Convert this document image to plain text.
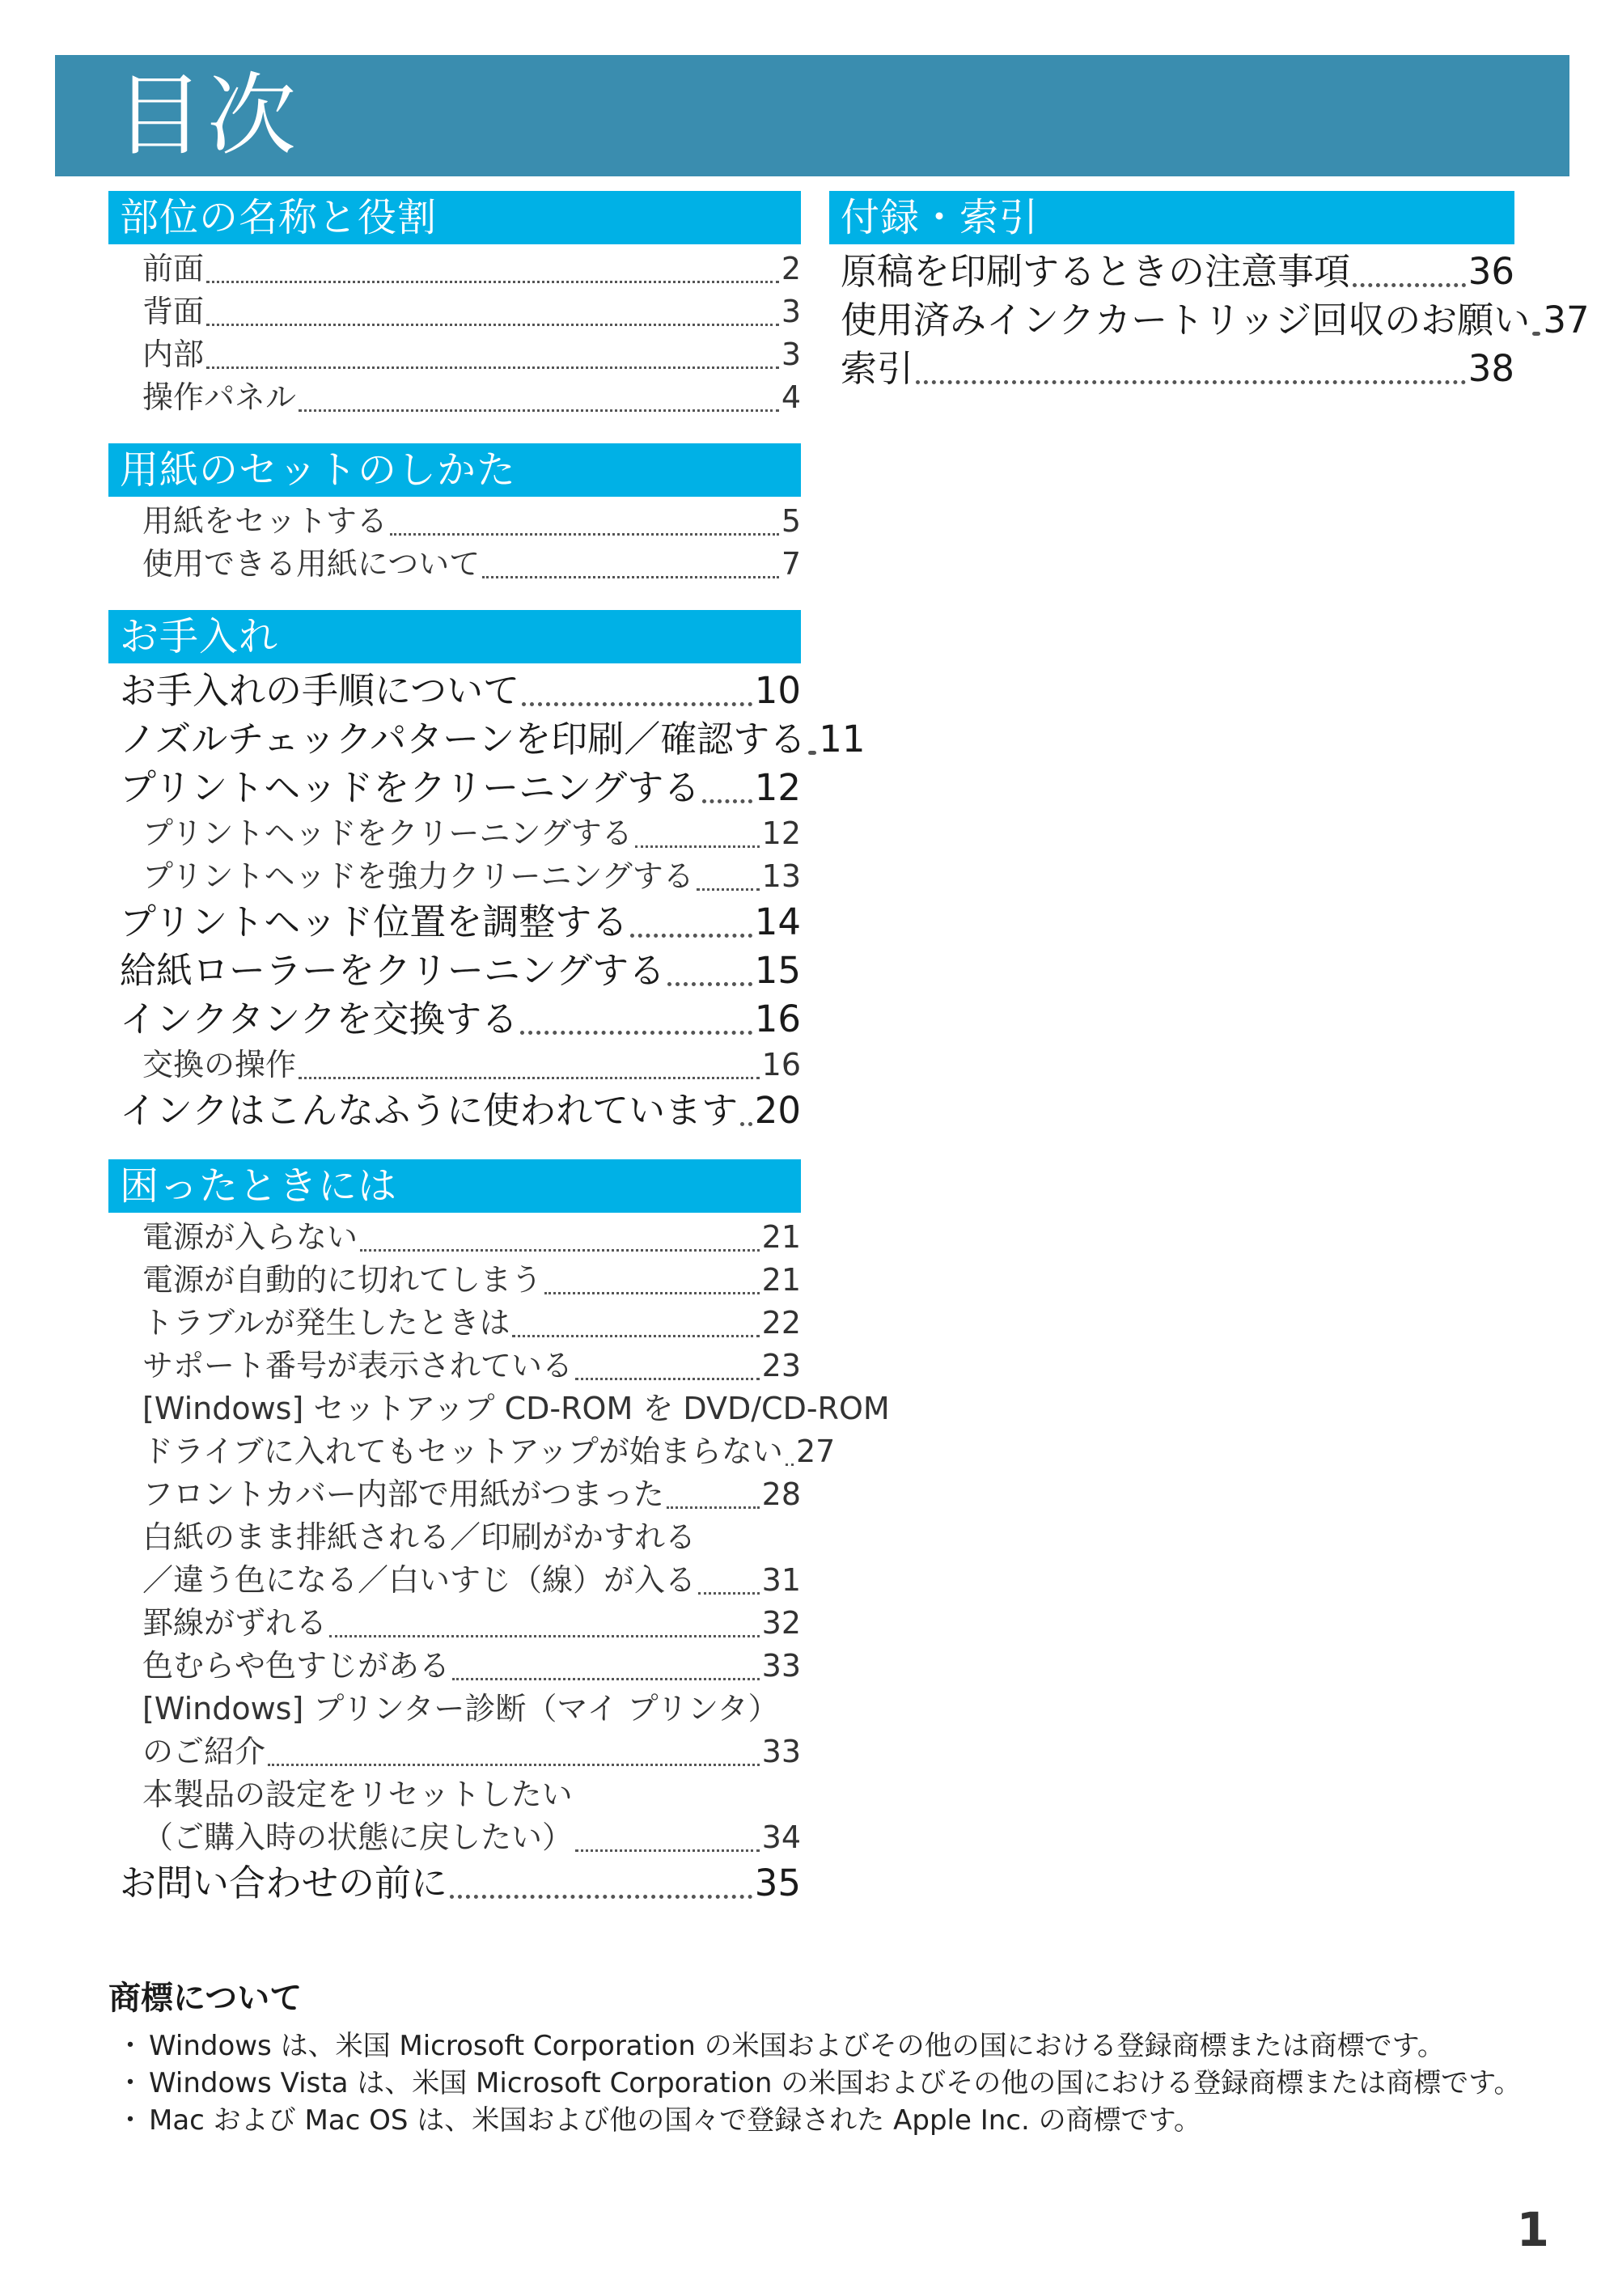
目次
部位の名称と役割
前面	2
背面	3
内部	3
操作パネル	4
用紙のセットのしかた
用紙をセットする	5
使用できる用紙について	7
お手入れ
お手入れの手順について	10
ノズルチェックパターンを印刷／確認する 11
プリントヘッドをクリーニングする 12
プリントヘッドをクリーニングする	12
プリントヘッドを強力クリーニングする 13
プリントヘッド位置を調整する	14
給紙ローラーをクリーニングする 15
インクタンクを交換する	16
交換の操作	16
インクはこんなふうに使われています 20
困ったときには
電源が入らない	21
電源が自動的に切れてしまう	21
トラブルが発生したときは	22
サポート番号が表示されている	23
[Windows] セットアップ CD-ROM を DVD/CD-ROM
ドライブに入れてもセットアップが始まらない 27
フロントカバー内部で用紙がつまった	28
白紙のまま排紙される／印刷がかすれる
／違う色になる／白いすじ（線）が入る 31
罫線がずれる	32
色むらや色すじがある	33
[Windows] プリンター診断（マイ プリンタ）
のご紹介	33
本製品の設定をリセットしたい
（ご購入時の状態に戻したい）	34
お問い合わせの前に	35
付録・索引
原稿を印刷するときの注意事項	36
使用済みインクカートリッジ回収のお願い 37
索引	38
商標について
・ Windows は、米国 Microsoft Corporation の米国およびその他の国における登録商標または商標です。
・ Windows Vista は、米国 Microsoft Corporation の米国およびその他の国における登録商標または商標です。
・ Mac および Mac OS は、米国および他の国々で登録された Apple Inc. の商標です。
1
